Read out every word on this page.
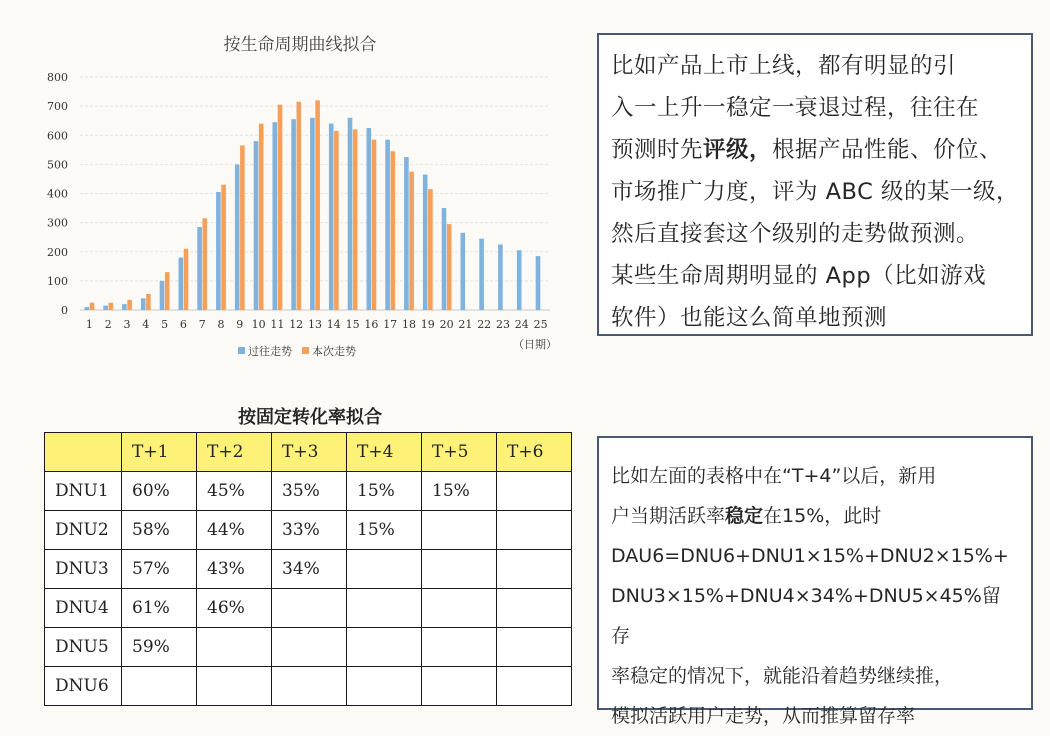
按生命周期曲线拟合
0
100
200
300
400
500
600
700
800
1 2 3 4 5 6 7 8 9 10 11 12 13 14 15 16 17 18 19 20 21 22 23 24 25
（日期）
过往走势 本次走势

比如产品上市上线，都有明显的引

入一上升一稳定一衰退过程，往往在

预测时先评级，根据产品性能、价位、

市场推广力度，评为 ABC 级的某一级，

然后直接套这个级别的走势做预测。

某些生命周期明显的 App（比如游戏

软件）也能这么简单地预测

按固定转化率拟合
	T+1	T+2	T+3	T+4	T+5	T+6
DNU1	60%	45%	35%	15%	15%	
DNU2	58%	44%	33%	15%		
DNU3	57%	43%	34%			
DNU4	61%	46%				
DNU5	59%					
DNU6						

比如左面的表格中在“T+4”以后，新用

户当期活跃率稳定在15%，此时

DAU6=DNU6+DNU1×15%+DNU2×15%+

DNU3×15%+DNU4×34%+DNU5×45%留存

率稳定的情况下，就能沿着趋势继续推，

模拟活跃用户走势，从而推算留存率
